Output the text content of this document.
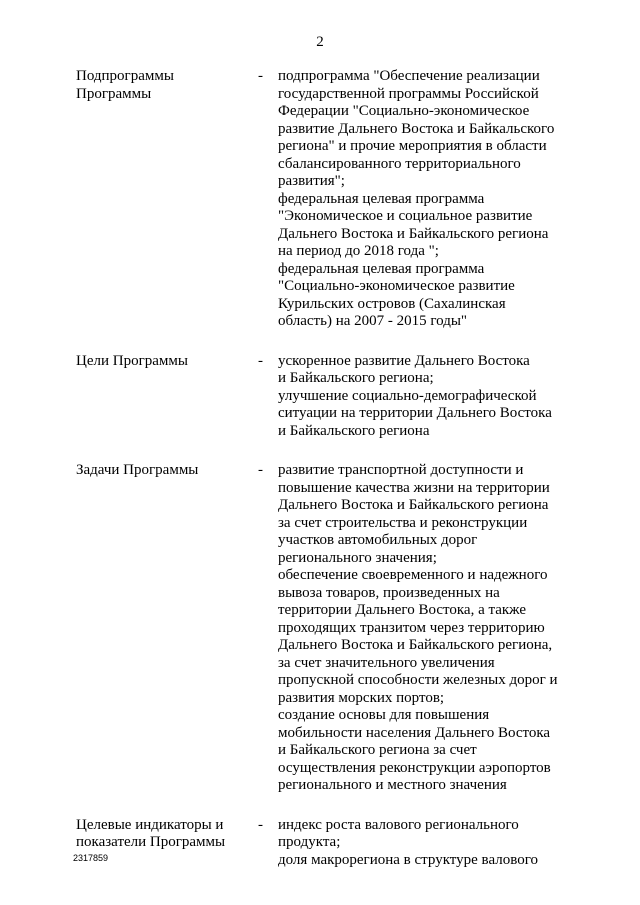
2
Подпрограммы
Программы
- подпрограмма "Обеспечение реализации
государственной программы Российской
Федерации "Социально-экономическое
развитие Дальнего Востока и Байкальского
региона" и прочие мероприятия в области
сбалансированного территориального
развития";
федеральная целевая программа
"Экономическое и социальное развитие
Дальнего Востока и Байкальского региона
на период до 2018 года ";
федеральная целевая программа
"Социально-экономическое развитие
Курильских островов (Сахалинская
область) на 2007 - 2015 годы"
Цели Программы	- ускоренное развитие Дальнего Востока
и Байкальского региона;
улучшение социально-демографической
ситуации на территории Дальнего Востока
и Байкальского региона
Задачи Программы	- развитие транспортной доступности и
повышение качества жизни на территории
Дальнего Востока и Байкальского региона
за счет строительства и реконструкции
участков автомобильных дорог
регионального значения;
обеспечение своевременного и надежного
вывоза товаров, произведенных на
территории Дальнего Востока, а также
проходящих транзитом через территорию
Дальнего Востока и Байкальского региона,
за счет значительного увеличения
пропускной способности железных дорог и
развития морских портов;
создание основы для повышения
мобильности населения Дальнего Востока
и Байкальского региона за счет
осуществления реконструкции аэропортов
регионального и местного значения
Целевые индикаторы и
показатели Программы
- индекс роста валового регионального
продукта;
доля макрорегиона в структуре валового
2317859
